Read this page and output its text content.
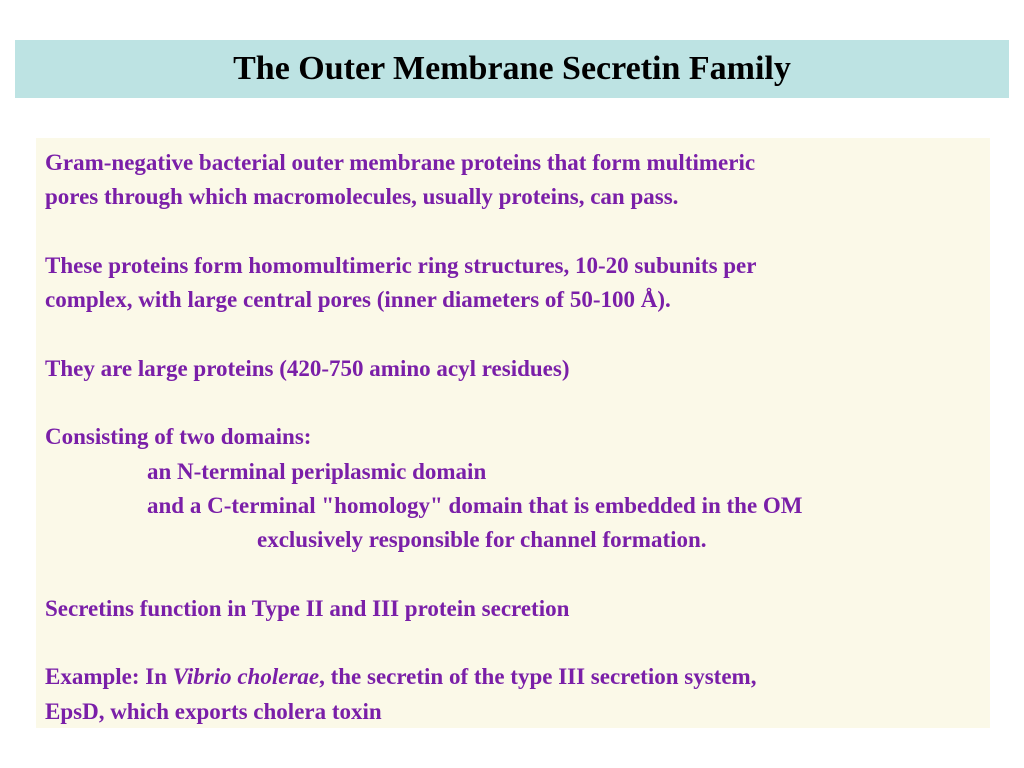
The Outer Membrane Secretin Family
Gram-negative bacterial outer membrane proteins that form multimeric
pores through which macromolecules, usually proteins, can pass.
These proteins form homomultimeric ring structures, 10-20 subunits per
complex, with large central pores (inner diameters of 50-100 Å).
They are large proteins (420-750 amino acyl residues)
Consisting of two domains:
an N-terminal periplasmic domain
and a C-terminal "homology" domain that is embedded in the OM
exclusively responsible for channel formation.
Secretins function in Type II and III protein secretion
Example: In Vibrio cholerae, the secretin of the type III secretion system,
EpsD, which exports cholera toxin
